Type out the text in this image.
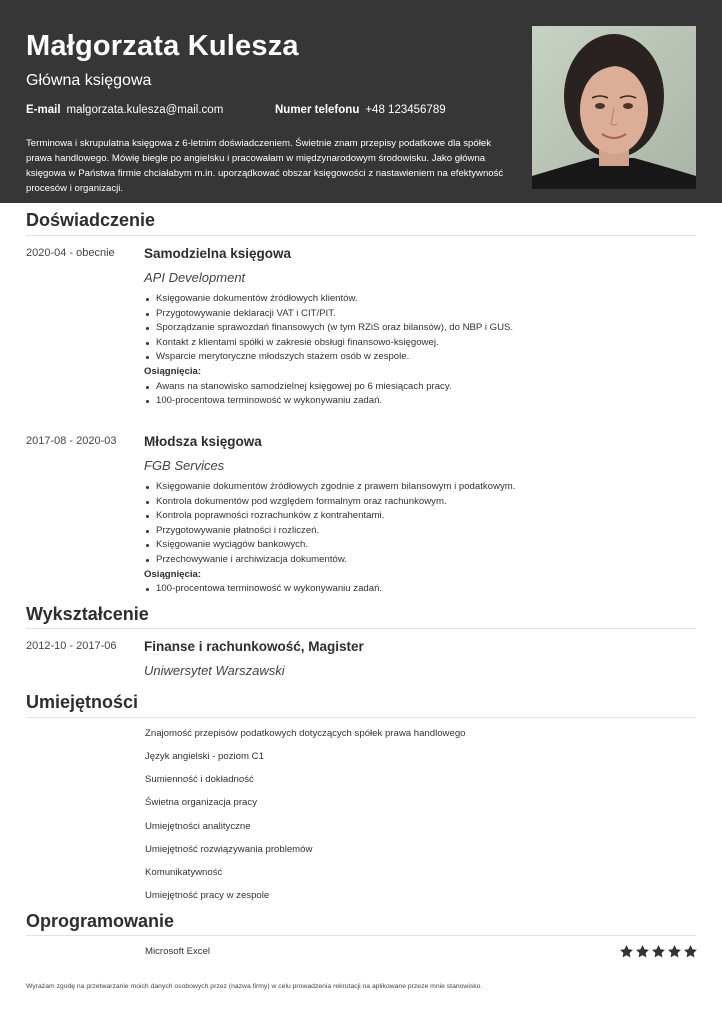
Małgorzata Kulesza
Główna księgowa
E-mail malgorzata.kulesza@mail.com	Numer telefonu +48 123456789
Terminowa i skrupulatna księgowa z 6-letnim doświadczeniem. Świetnie znam przepisy podatkowe dla spółek prawa handlowego. Mówię biegle po angielsku i pracowałam w międzynarodowym środowisku. Jako główna księgowa w Państwa firmie chciałabym m.in. uporządkować obszar księgowości z nastawieniem na efektywność procesów i organizacji.
Doświadczenie
2020-04 - obecnie Samodzielna księgowa
API Development
Księgowanie dokumentów źródłowych klientów.
Przygotowywanie deklaracji VAT i CIT/PIT.
Sporządzanie sprawozdań finansowych (w tym RZiS oraz bilansów), do NBP i GUS.
Kontakt z klientami spółki w zakresie obsługi finansowo-księgowej.
Wsparcie merytoryczne młodszych stażem osób w zespole.
Osiągnięcia:
Awans na stanowisko samodzielnej księgowej po 6 miesiącach pracy.
100-procentowa terminowość w wykonywaniu zadań.
2017-08 - 2020-03 Młodsza księgowa
FGB Services
Księgowanie dokumentów źródłowych zgodnie z prawem bilansowym i podatkowym.
Kontrola dokumentów pod względem formalnym oraz rachunkowym.
Kontrola poprawności rozrachunków z kontrahentami.
Przygotowywanie płatności i rozliczeń.
Księgowanie wyciągów bankowych.
Przechowywanie i archiwizacja dokumentów.
Osiągnięcia:
100-procentowa terminowość w wykonywaniu zadań.
Wykształcenie
2012-10 - 2017-06 Finanse i rachunkowość, Magister
Uniwersytet Warszawski
Umiejętności
Znajomość przepisów podatkowych dotyczących spółek prawa handlowego
Język angielski - poziom C1
Sumienność i dokładność
Świetna organizacja pracy
Umiejętności analityczne
Umiejętność rozwiązywania problemów
Komunikatywność
Umiejętność pracy w zespole
Oprogramowanie
Microsoft Excel
Wyrażam zgodę na przetwarzanie moich danych osobowych przez (nazwa firmy) w celu prowadzenia rekrutacji na aplikowane przeze mnie stanowisko.
